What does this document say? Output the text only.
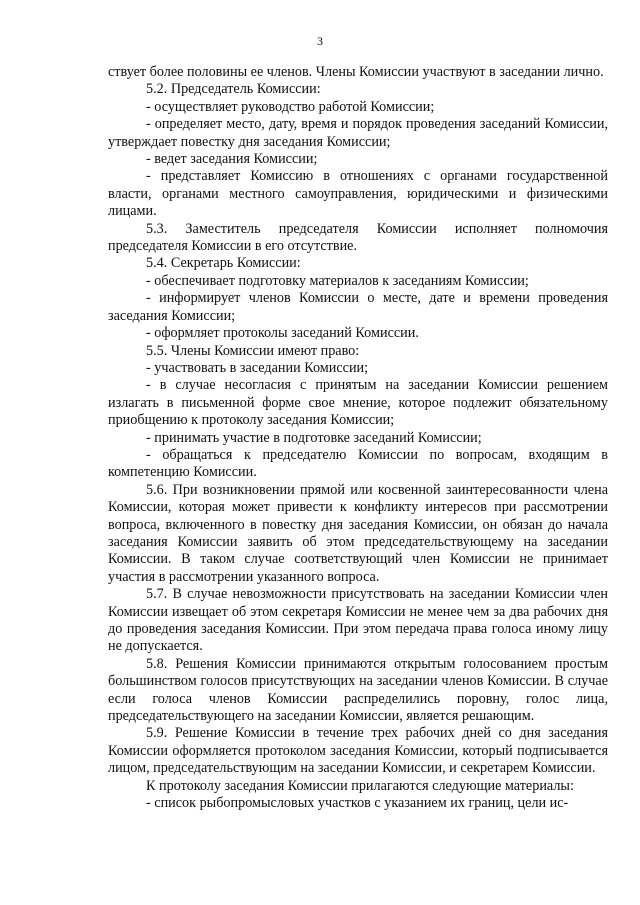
3

ствует более половины ее членов. Члены Комиссии участвуют в заседании лично.

5.2. Председатель Комиссии:

- осуществляет руководство работой Комиссии;

- определяет место, дату, время и порядок проведения заседаний Комиссии, утверждает повестку дня заседания Комиссии;

- ведет заседания Комиссии;

- представляет Комиссию в отношениях с органами государственной власти, органами местного самоуправления, юридическими и физическими лицами.

5.3. Заместитель председателя Комиссии исполняет полномочия председателя Комиссии в его отсутствие.

5.4. Секретарь Комиссии:

- обеспечивает подготовку материалов к заседаниям Комиссии;

- информирует членов Комиссии о месте, дате и времени проведения заседания Комиссии;

- оформляет протоколы заседаний Комиссии.

5.5. Члены Комиссии имеют право:

- участвовать в заседании Комиссии;

- в случае несогласия с принятым на заседании Комиссии решением излагать в письменной форме свое мнение, которое подлежит обязательному приобщению к протоколу заседания Комиссии;

- принимать участие в подготовке заседаний Комиссии;

- обращаться к председателю Комиссии по вопросам, входящим в компетенцию Комиссии.

5.6. При возникновении прямой или косвенной заинтересованности члена Комиссии, которая может привести к конфликту интересов при рассмотрении вопроса, включенного в повестку дня заседания Комиссии, он обязан до начала заседания Комиссии заявить об этом председательствующему на заседании Комиссии. В таком случае соответствующий член Комиссии не принимает участия в рассмотрении указанного вопроса.

5.7. В случае невозможности присутствовать на заседании Комиссии член Комиссии извещает об этом секретаря Комиссии не менее чем за два рабочих дня до проведения заседания Комиссии. При этом передача права голоса иному лицу не допускается.

5.8. Решения Комиссии принимаются открытым голосованием простым большинством голосов присутствующих на заседании членов Комиссии. В случае если голоса членов Комиссии распределились поровну, голос лица, председательствующего на заседании Комиссии, является решающим.

5.9. Решение Комиссии в течение трех рабочих дней со дня заседания Комиссии оформляется протоколом заседания Комиссии, который подписывается лицом, председательствующим на заседании Комиссии, и секретарем Комиссии.

К протоколу заседания Комиссии прилагаются следующие материалы:

- список рыбопромысловых участков с указанием их границ, цели ис-
